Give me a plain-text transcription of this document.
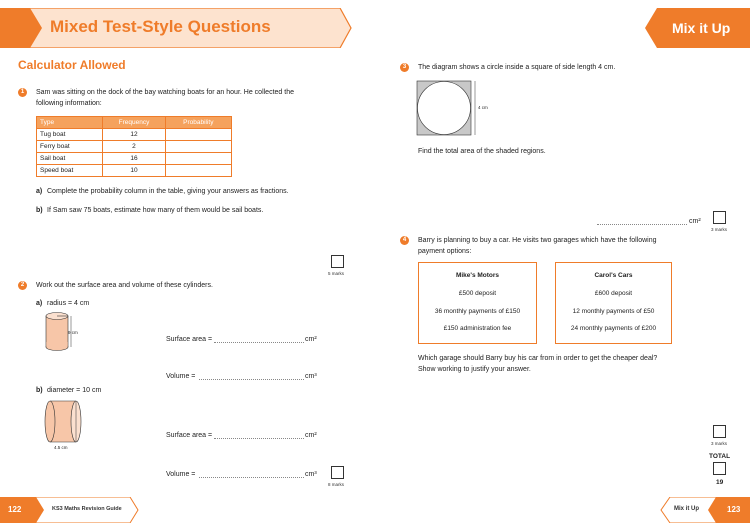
Mixed Test-Style Questions	Mix it Up
Calculator Allowed
1	Sam was sitting on the dock of the bay watching boats for an hour. He collected the
following information:
Type	Frequency	Probability
Tug boat	12	
Ferry boat	2	
Sail boat	16	
Speed boat	10	
a) Complete the probability column in the table, giving your answers as fractions.
b) If Sam saw 75 boats, estimate how many of them would be sail boats.
5 marks
2	Work out the surface area and volume of these cylinders.
a) radius = 4 cm
9 cm
Surface area =	cm²
Volume =	cm³
b) diameter = 10 cm
4.5 cm
Surface area =	cm²
Volume =	cm³
8 marks
3	The diagram shows a circle inside a square of side length 4 cm.
4 cm
Find the total area of the shaded regions.
cm²
3 marks
4	Barry is planning to buy a car. He visits two garages which have the following
payment options:
Mike's Motors
£500 deposit
36 monthly payments of £150
£150 administration fee
Carol's Cars
£600 deposit
12 monthly payments of £50
24 monthly payments of £200
Which garage should Barry buy his car from in order to get the cheaper deal?
Show working to justify your answer.
3 marks
TOTAL
19
122	KS3 Maths Revision Guide	Mix it Up	123
